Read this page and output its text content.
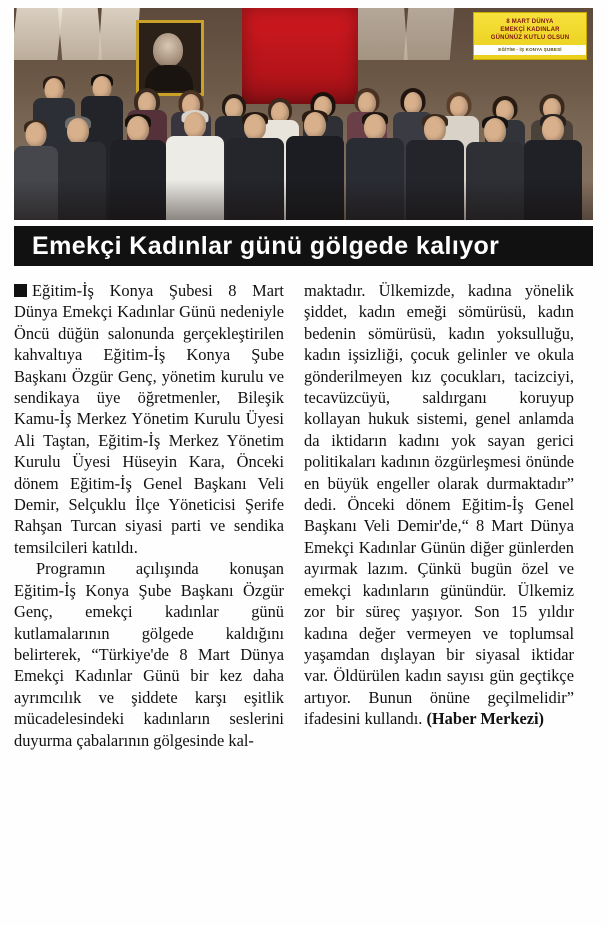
8 MART DÜNYA
EMEKÇİ KADINLAR
GÜNÜNÜZ KUTLU OLSUN
EĞİTİM - İŞ KONYA ŞUBESİ
Emekçi Kadınlar günü gölgede kalıyor

Eğitim-İş Konya Şubesi 8 Mart Dünya Emekçi Kadınlar Günü nedeniyle Öncü düğün salonunda gerçekleştirilen kahvaltıya Eğitim-İş Konya Şube Başkanı Özgür Genç, yönetim kurulu ve sendikaya üye öğretmenler, Bileşik Kamu-İş Merkez Yönetim Kurulu Üyesi Ali Taştan, Eğitim-İş Merkez Yönetim Kurulu Üyesi Hüseyin Kara, Önceki dönem Eğitim-İş Genel Başkanı Veli Demir, Selçuklu İlçe Yöneticisi Şerife Rahşan Turcan siyasi parti ve sendika temsilcileri katıldı.

Programın açılışında konuşan Eğitim-İş Konya Şube Başkanı Özgür Genç, emekçi kadınlar günü kutlamalarının gölgede kaldığını belirterek, “Türkiye'de 8 Mart Dünya Emekçi Kadınlar Günü bir kez daha ayrımcılık ve şiddete karşı eşitlik mücadelesindeki kadınların seslerini duyurma çabalarının gölgesinde kal-

maktadır. Ülkemizde, kadına yönelik şiddet, kadın emeği sömürüsü, kadın bedenin sömürüsü, kadın yoksulluğu, kadın işsizliği, çocuk gelinler ve okula gönderilmeyen kız çocukları, tacizciyi, tecavüzcüyü, saldırganı koruyup kollayan hukuk sistemi, genel anlamda da iktidarın kadını yok sayan gerici politikaları kadının özgürleşmesi önünde en büyük engeller olarak durmaktadır” dedi. Önceki dönem Eğitim-İş Genel Başkanı Veli Demir'de,“ 8 Mart Dünya Emekçi Kadınlar Günün diğer günlerden ayırmak lazım. Çünkü bugün özel ve emekçi kadınların günündür. Ülkemiz zor bir süreç yaşıyor. Son 15 yıldır kadına değer vermeyen ve toplumsal yaşamdan dışlayan bir siyasal iktidar var. Öldürülen kadın sayısı gün geçtikçe artıyor. Bunun önüne geçilmelidir” ifadesini kullandı. (Haber Merkezi)
